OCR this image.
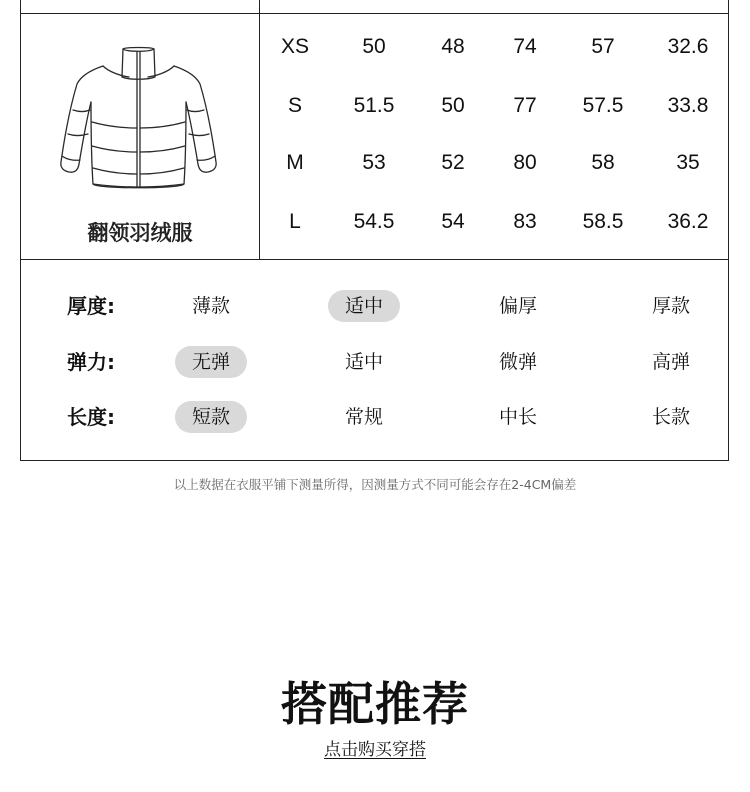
翻领羽绒服
XS	50	48 74	57	32.6
S 51.5 50 77 57.5 33.8
M	53	52 80	58	35
L	54.5 54 83 58.5 36.2
厚度:	薄款	适中	偏厚	厚款
弹力:	无弹	适中	微弹	高弹
长度:	短款	常规	中长	长款
以上数据在衣服平铺下测量所得，因测量方式不同可能会存在2-4CM偏差
搭配推荐
点击购买穿搭
